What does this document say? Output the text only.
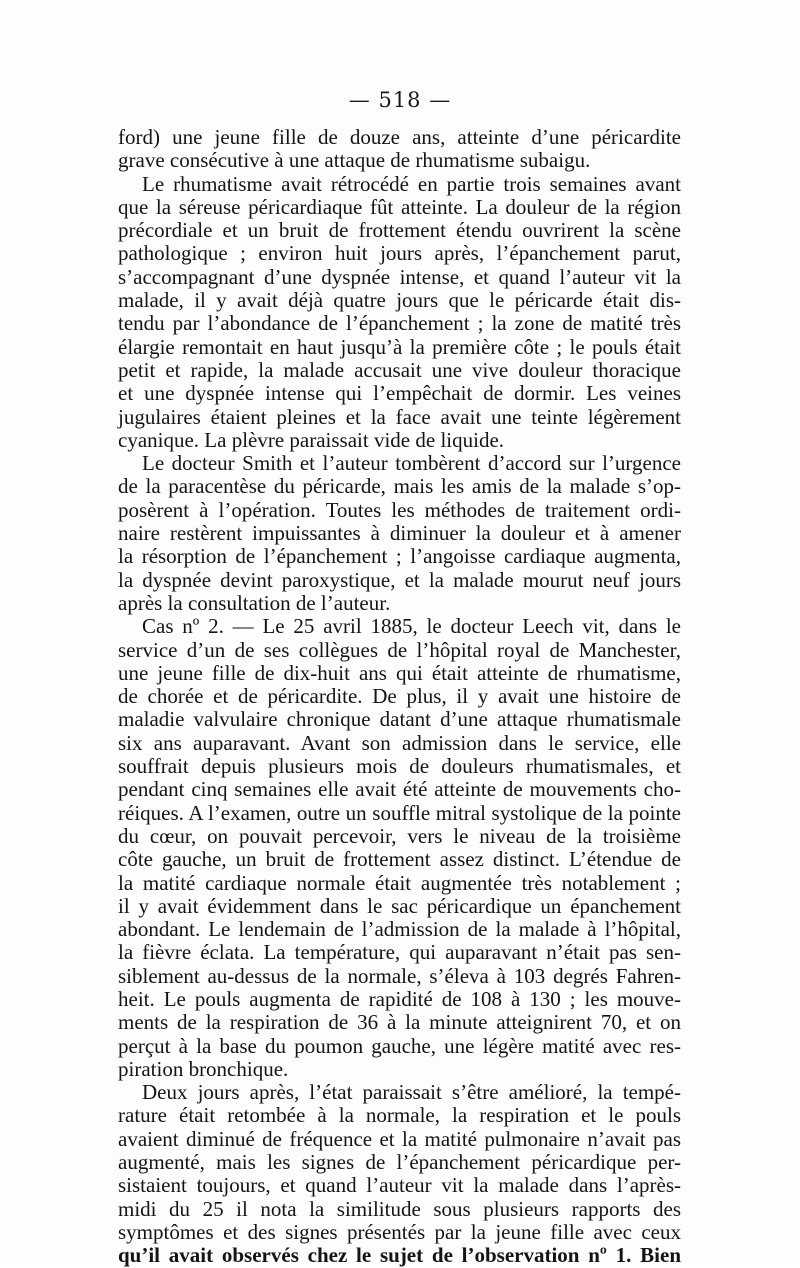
— 518 —
ford) une jeune fille de douze ans, atteinte d’une péricardite
grave consécutive à une attaque de rhumatisme subaigu.
Le rhumatisme avait rétrocédé en partie trois semaines avant
que la séreuse péricardiaque fût atteinte. La douleur de la région
précordiale et un bruit de frottement étendu ouvrirent la scène
pathologique ; environ huit jours après, l’épanchement parut,
s’accompagnant d’une dyspnée intense, et quand l’auteur vit la
malade, il y avait déjà quatre jours que le péricarde était dis-
tendu par l’abondance de l’épanchement ; la zone de matité très
élargie remontait en haut jusqu’à la première côte ; le pouls était
petit et rapide, la malade accusait une vive douleur thoracique
et une dyspnée intense qui l’empêchait de dormir. Les veines
jugulaires étaient pleines et la face avait une teinte légèrement
cyanique. La plèvre paraissait vide de liquide.
Le docteur Smith et l’auteur tombèrent d’accord sur l’urgence
de la paracentèse du péricarde, mais les amis de la malade s’op-
posèrent à l’opération. Toutes les méthodes de traitement ordi-
naire restèrent impuissantes à diminuer la douleur et à amener
la résorption de l’épanchement ; l’angoisse cardiaque augmenta,
la dyspnée devint paroxystique, et la malade mourut neuf jours
après la consultation de l’auteur.
Cas nº 2. — Le 25 avril 1885, le docteur Leech vit, dans le
service d’un de ses collègues de l’hôpital royal de Manchester,
une jeune fille de dix-huit ans qui était atteinte de rhumatisme,
de chorée et de péricardite. De plus, il y avait une histoire de
maladie valvulaire chronique datant d’une attaque rhumatismale
six ans auparavant. Avant son admission dans le service, elle
souffrait depuis plusieurs mois de douleurs rhumatismales, et
pendant cinq semaines elle avait été atteinte de mouvements cho-
réiques. A l’examen, outre un souffle mitral systolique de la pointe
du cœur, on pouvait percevoir, vers le niveau de la troisième
côte gauche, un bruit de frottement assez distinct. L’étendue de
la matité cardiaque normale était augmentée très notablement ;
il y avait évidemment dans le sac péricardique un épanchement
abondant. Le lendemain de l’admission de la malade à l’hôpital,
la fièvre éclata. La température, qui auparavant n’était pas sen-
siblement au-dessus de la normale, s’éleva à 103 degrés Fahren-
heit. Le pouls augmenta de rapidité de 108 à 130 ; les mouve-
ments de la respiration de 36 à la minute atteignirent 70, et on
perçut à la base du poumon gauche, une légère matité avec res-
piration bronchique.
Deux jours après, l’état paraissait s’être amélioré, la tempé-
rature était retombée à la normale, la respiration et le pouls
avaient diminué de fréquence et la matité pulmonaire n’avait pas
augmenté, mais les signes de l’épanchement péricardique per-
sistaient toujours, et quand l’auteur vit la malade dans l’après-
midi du 25 il nota la similitude sous plusieurs rapports des
symptômes et des signes présentés par la jeune fille avec ceux
qu’il avait observés chez le sujet de l’observation nº 1. Bien
